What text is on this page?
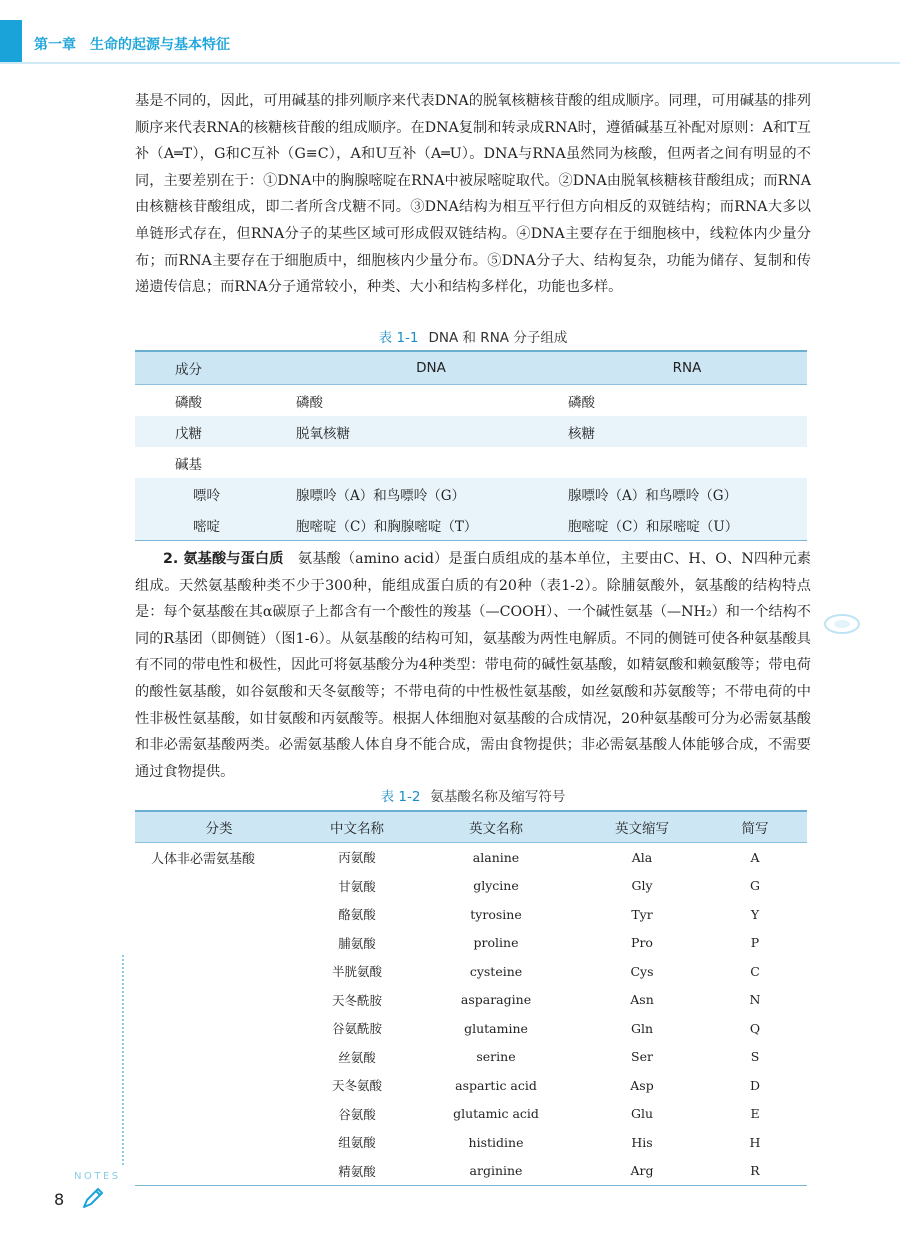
第一章　生命的起源与基本特征
基是不同的，因此，可用碱基的排列顺序来代表DNA的脱氧核糖核苷酸的组成顺序。同理，可用碱基的排列顺序来代表RNA的核糖核苷酸的组成顺序。在DNA复制和转录成RNA时，遵循碱基互补配对原则：A和T互补（A═T），G和C互补（G≡C），A和U互补（A═U）。DNA与RNA虽然同为核酸，但两者之间有明显的不同，主要差别在于：①DNA中的胸腺嘧啶在RNA中被尿嘧啶取代。②DNA由脱氧核糖核苷酸组成；而RNA由核糖核苷酸组成，即二者所含戊糖不同。③DNA结构为相互平行但方向相反的双链结构；而RNA大多以单链形式存在，但RNA分子的某些区域可形成假双链结构。④DNA主要存在于细胞核中，线粒体内少量分布；而RNA主要存在于细胞质中，细胞核内少量分布。⑤DNA分子大、结构复杂，功能为储存、复制和传递遗传信息；而RNA分子通常较小，种类、大小和结构多样化，功能也多样。
表 1-1 DNA 和 RNA 分子组成
成分	DNA	RNA
磷酸	磷酸	磷酸
戊糖	脱氧核糖	核糖
碱基		
嘌呤	腺嘌呤（A）和鸟嘌呤（G）	腺嘌呤（A）和鸟嘌呤（G）
嘧啶	胞嘧啶（C）和胸腺嘧啶（T）	胞嘧啶（C）和尿嘧啶（U）
2. 氨基酸与蛋白质　 氨基酸（amino acid）是蛋白质组成的基本单位，主要由C、H、O、N四种元素组成。天然氨基酸种类不少于300种，能组成蛋白质的有20种（表1-2）。除脯氨酸外，氨基酸的结构特点是：每个氨基酸在其α碳原子上都含有一个酸性的羧基（—COOH）、一个碱性氨基（—NH₂）和一个结构不同的R基团（即侧链）（图1-6）。从氨基酸的结构可知，氨基酸为两性电解质。不同的侧链可使各种氨基酸具有不同的带电性和极性，因此可将氨基酸分为4种类型：带电荷的碱性氨基酸，如精氨酸和赖氨酸等；带电荷的酸性氨基酸，如谷氨酸和天冬氨酸等；不带电荷的中性极性氨基酸，如丝氨酸和苏氨酸等；不带电荷的中性非极性氨基酸，如甘氨酸和丙氨酸等。根据人体细胞对氨基酸的合成情况，20种氨基酸可分为必需氨基酸和非必需氨基酸两类。必需氨基酸人体自身不能合成，需由食物提供；非必需氨基酸人体能够合成，不需要通过食物提供。
表 1-2 氨基酸名称及缩写符号
分类	中文名称	英文名称	英文缩写	简写
人体非必需氨基酸	丙氨酸	alanine	Ala	A
	甘氨酸	glycine	Gly	G
	酪氨酸	tyrosine	Tyr	Y
	脯氨酸	proline	Pro	P
	半胱氨酸	cysteine	Cys	C
	天冬酰胺	asparagine	Asn	N
	谷氨酰胺	glutamine	Gln	Q
	丝氨酸	serine	Ser	S
	天冬氨酸	aspartic acid	Asp	D
	谷氨酸	glutamic acid	Glu	E
	组氨酸	histidine	His	H
	精氨酸	arginine	Arg	R
NOTES
8
